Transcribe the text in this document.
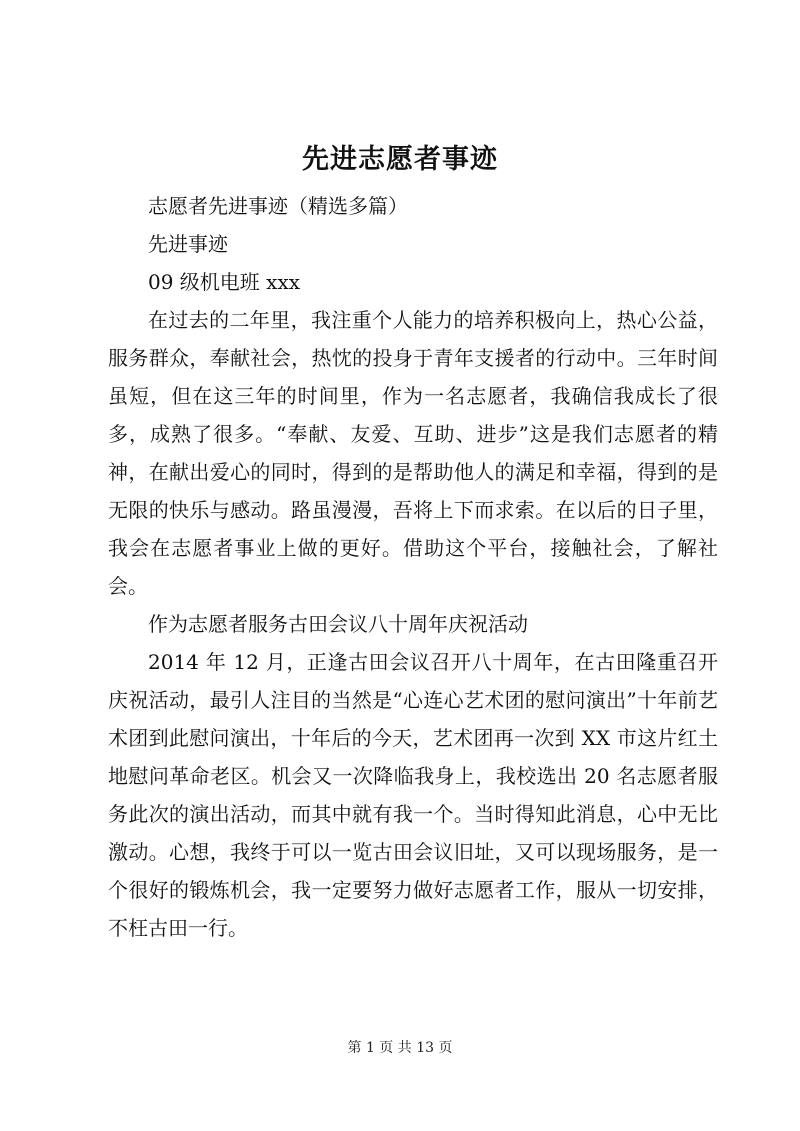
先进志愿者事迹

志愿者先进事迹（精选多篇）

先进事迹

09 级机电班 xxx

在过去的二年里，我注重个人能力的培养积极向上，热心公益，服务群众，奉献社会，热忱的投身于青年支援者的行动中。三年时间虽短，但在这三年的时间里，作为一名志愿者，我确信我成长了很多，成熟了很多。“奉献、友爱、互助、进步”这是我们志愿者的精神，在献出爱心的同时，得到的是帮助他人的满足和幸福，得到的是无限的快乐与感动。路虽漫漫，吾将上下而求索。在以后的日子里，我会在志愿者事业上做的更好。借助这个平台，接触社会，了解社会。

作为志愿者服务古田会议八十周年庆祝活动

2014 年 12 月，正逢古田会议召开八十周年，在古田隆重召开庆祝活动，最引人注目的当然是“心连心艺术团的慰问演出”十年前艺术团到此慰问演出，十年后的今天，艺术团再一次到 XX 市这片红土地慰问革命老区。机会又一次降临我身上，我校选出 20 名志愿者服务此次的演出活动，而其中就有我一个。当时得知此消息，心中无比激动。心想，我终于可以一览古田会议旧址，又可以现场服务，是一个很好的锻炼机会，我一定要努力做好志愿者工作，服从一切安排，不枉古田一行。

第 1 页 共 13 页
